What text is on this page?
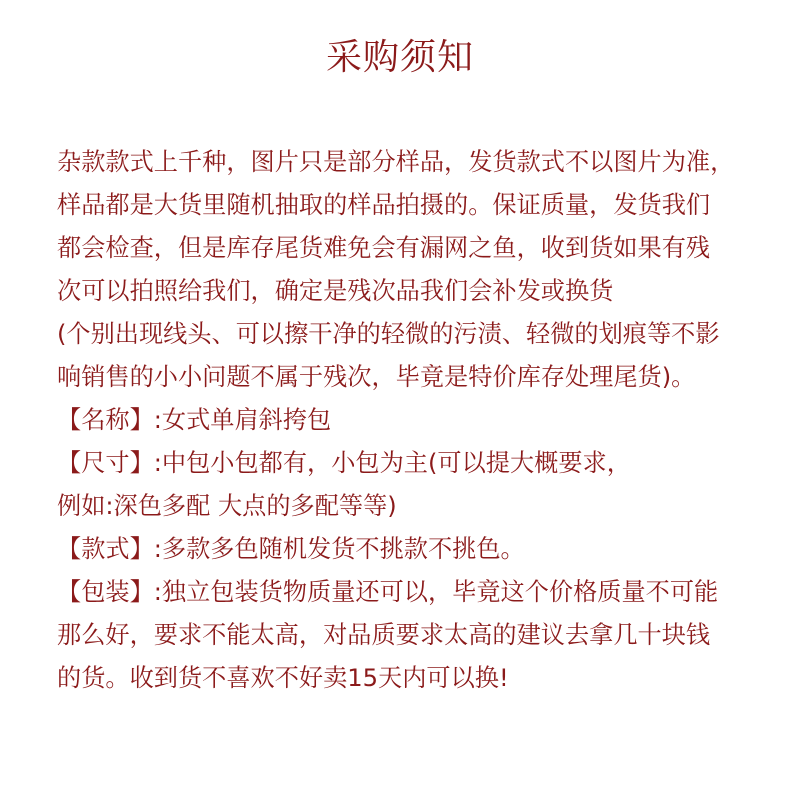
采购须知
杂款款式上千种，图片只是部分样品，发货款式不以图片为准，
样品都是大货里随机抽取的样品拍摄的。保证质量，发货我们
都会检查，但是库存尾货难免会有漏网之鱼，收到货如果有残
次可以拍照给我们，确定是残次品我们会补发或换货
(个别出现线头、可以擦干净的轻微的污渍、轻微的划痕等不影
响销售的小小问题不属于残次，毕竟是特价库存处理尾货)。
【名称】:女式单肩斜挎包
【尺寸】:中包小包都有，小包为主(可以提大概要求，
例如:深色多配 大点的多配等等)
【款式】:多款多色随机发货不挑款不挑色。
【包装】:独立包装货物质量还可以，毕竟这个价格质量不可能
那么好，要求不能太高，对品质要求太高的建议去拿几十块钱
的货。收到货不喜欢不好卖15天内可以换!
